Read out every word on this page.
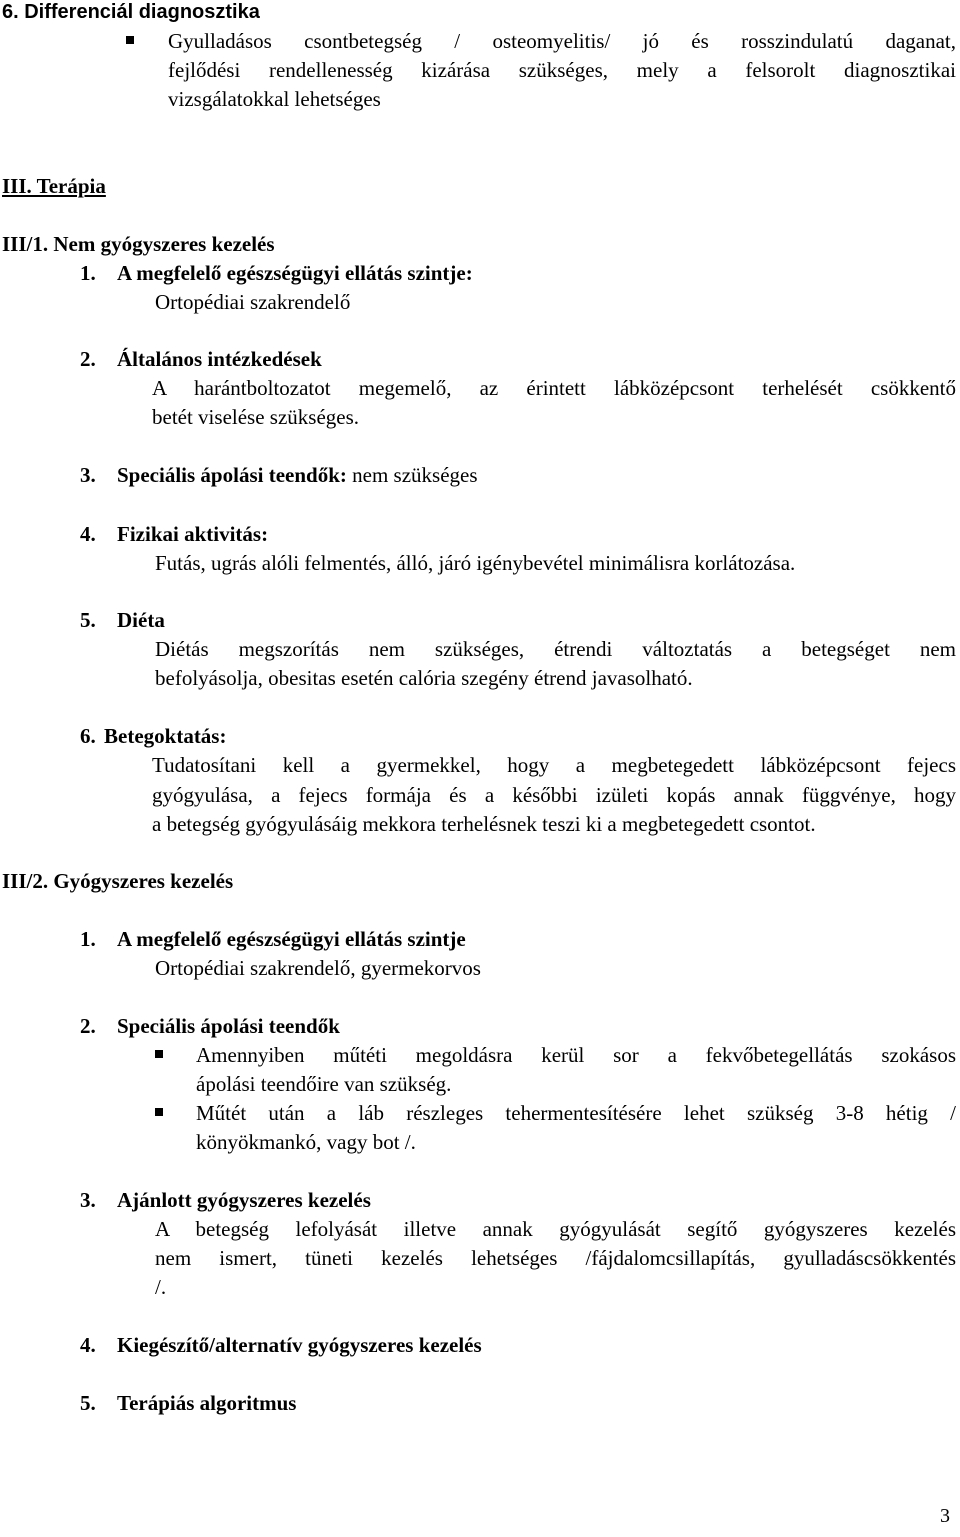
6. Differenciál diagnosztika
Gyulladásos csontbetegség / osteomyelitis/ jó és rosszindulatú daganat,
fejlődési rendellenesség kizárása szükséges, mely a felsorolt diagnosztikai
vizsgálatokkal lehetséges
III. Terápia
III/1. Nem gyógyszeres kezelés
1. A megfelelő egészségügyi ellátás szintje:
Ortopédiai szakrendelő
2. Általános intézkedések
A harántboltozatot megemelő, az érintett lábközépcsont terhelését csökkentő
betét viselése szükséges.
3. Speciális ápolási teendők: nem szükséges
4. Fizikai aktivitás:
Futás, ugrás alóli felmentés, álló, járó igénybevétel minimálisra korlátozása.
5. Diéta
Diétás megszorítás nem szükséges, étrendi változtatás a betegséget nem
befolyásolja, obesitas esetén calória szegény étrend javasolható.
6. Betegoktatás:
Tudatosítani kell a gyermekkel, hogy a megbetegedett lábközépcsont fejecs
gyógyulása, a fejecs formája és a későbbi izületi kopás annak függvénye, hogy
a betegség gyógyulásáig mekkora terhelésnek teszi ki a megbetegedett csontot.
III/2. Gyógyszeres kezelés
1. A megfelelő egészségügyi ellátás szintje
Ortopédiai szakrendelő, gyermekorvos
2. Speciális ápolási teendők
Amennyiben műtéti megoldásra kerül sor a fekvőbetegellátás szokásos
ápolási teendőire van szükség.
Műtét után a láb részleges tehermentesítésére lehet szükség 3-8 hétig /
könyökmankó, vagy bot /.
3. Ajánlott gyógyszeres kezelés
A betegség lefolyását illetve annak gyógyulását segítő gyógyszeres kezelés
nem ismert, tüneti kezelés lehetséges /fájdalomcsillapítás, gyulladáscsökkentés
/.
4. Kiegészítő/alternatív gyógyszeres kezelés
5. Terápiás algoritmus
3
